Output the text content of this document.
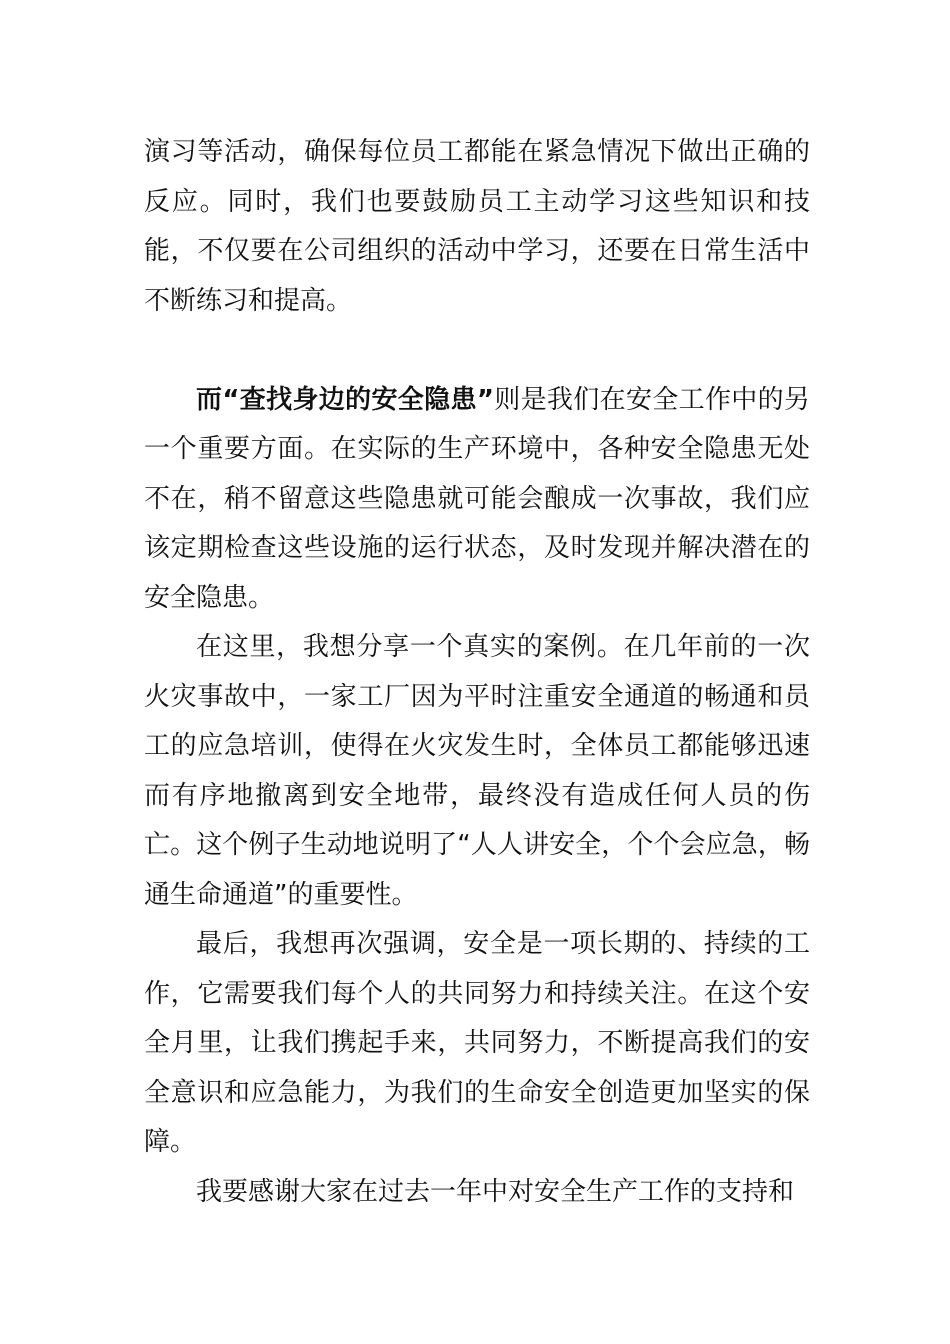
演习等活动，确保每位员工都能在紧急情况下做出正确的反应。同时，我们也要鼓励员工主动学习这些知识和技能，不仅要在公司组织的活动中学习，还要在日常生活中不断练习和提高。

而“查找身边的安全隐患”则是我们在安全工作中的另一个重要方面。在实际的生产环境中，各种安全隐患无处不在，稍不留意这些隐患就可能会酿成一次事故，我们应该定期检查这些设施的运行状态，及时发现并解决潜在的安全隐患。

在这里，我想分享一个真实的案例。在几年前的一次火灾事故中，一家工厂因为平时注重安全通道的畅通和员工的应急培训，使得在火灾发生时，全体员工都能够迅速而有序地撤离到安全地带，最终没有造成任何人员的伤亡。这个例子生动地说明了“人人讲安全，个个会应急，畅通生命通道”的重要性。

最后，我想再次强调，安全是一项长期的、持续的工作，它需要我们每个人的共同努力和持续关注。在这个安全月里，让我们携起手来，共同努力，不断提高我们的安全意识和应急能力，为我们的生命安全创造更加坚实的保障。

我要感谢大家在过去一年中对安全生产工作的支持和
